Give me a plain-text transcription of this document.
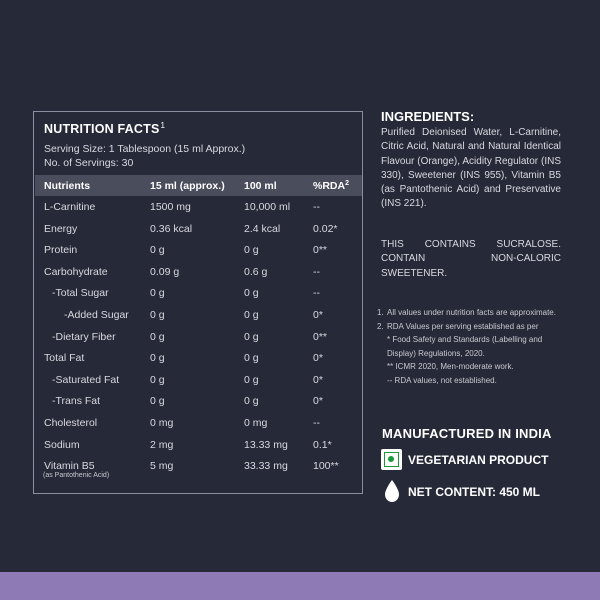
NUTRITION FACTS$^1$
Serving Size: 1 Tablespoon (15 ml Approx.)
No. of Servings: 30
Nutrients	15 ml (approx.) 100 ml	%RDA$^2$
L-Carnitine	1500 mg	10,000 ml --
Energy	0.36 kcal	2.4 kcal	0.02*
Protein	0 g	0 g	0**
Carbohydrate	0.09 g	0.6 g	--
-Total Sugar	0 g	0 g	--
-Added Sugar 0 g	0 g	0*
-Dietary Fiber	0 g	0 g	0**
Total Fat	0 g	0 g	0*
-Saturated Fat	0 g	0 g	0*
-Trans Fat	0 g	0 g	0*
Cholesterol	0 mg	0 mg	--
Sodium	2 mg	13.33 mg 0.1*
Vitamin B5	5 mg	33.33 mg 100**
(as Pantothenic Acid)
INGREDIENTS:
Purified Deionised Water, L-Carnitine, Citric Acid, Natural and Natural Identical Flavour (Orange), Acidity Regulator (INS 330), Sweetener (INS 955), Vitamin B5 (as Pantothenic Acid) and Preservative (INS 221).
THIS CONTAINS SUCRALOSE. CONTAIN NON-CALORIC SWEETENER.
1. All values under nutrition facts are approximate.
2. RDA Values per serving established as per
* Food Safety and Standards (Labelling and Display) Regulations, 2020.
** ICMR 2020, Men-moderate work.
-- RDA values, not established.
MANUFACTURED IN INDIA
VEGETARIAN PRODUCT
NET CONTENT: 450 ML
